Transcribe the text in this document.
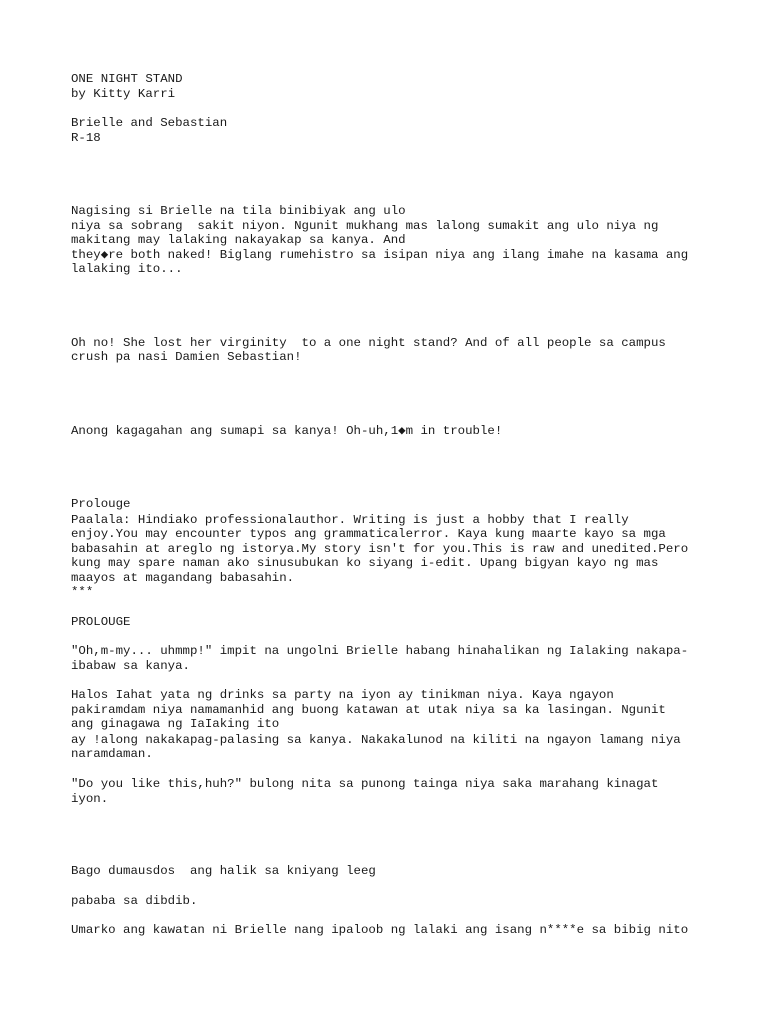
ONE NIGHT STAND

by Kitty Karri

Brielle and Sebastian

R-18

Nagising si Brielle na tila binibiyak ang ulo

niya sa sobrang  sakit niyon. Ngunit mukhang mas lalong sumakit ang ulo niya ng

makitang may lalaking nakayakap sa kanya. And

they◆re both naked! Biglang rumehistro sa isipan niya ang ilang imahe na kasama ang

lalaking ito...

Oh no! She lost her virginity  to a one night stand? And of all people sa campus

crush pa nasi Damien Sebastian!

Anong kagagahan ang sumapi sa kanya! Oh-uh,1◆m in trouble!

Prolouge

Paalala: Hindiako professionalauthor. Writing is just a hobby that I really

enjoy.You may encounter typos ang grammaticalerror. Kaya kung maarte kayo sa mga

babasahin at areglo ng istorya.My story isn't for you.This is raw and unedited.Pero

kung may spare naman ako sinusubukan ko siyang i-edit. Upang bigyan kayo ng mas

maayos at magandang babasahin.

***

PROLOUGE

"Oh,m-my... uhmmp!" impit na ungolni Brielle habang hinahalikan ng Ialaking nakapa-

ibabaw sa kanya.

Halos Iahat yata ng drinks sa party na iyon ay tinikman niya. Kaya ngayon

pakiramdam niya namamanhid ang buong katawan at utak niya sa ka lasingan. Ngunit

ang ginagawa ng IaIaking ito

ay !along nakakapag-palasing sa kanya. Nakakalunod na kiliti na ngayon lamang niya

naramdaman.

"Do you like this,huh?" bulong nita sa punong tainga niya saka marahang kinagat

iyon.

Bago dumausdos  ang halik sa kniyang leeg

pababa sa dibdib.

Umarko ang kawatan ni Brielle nang ipaloob ng lalaki ang isang n****e sa bibig nito
